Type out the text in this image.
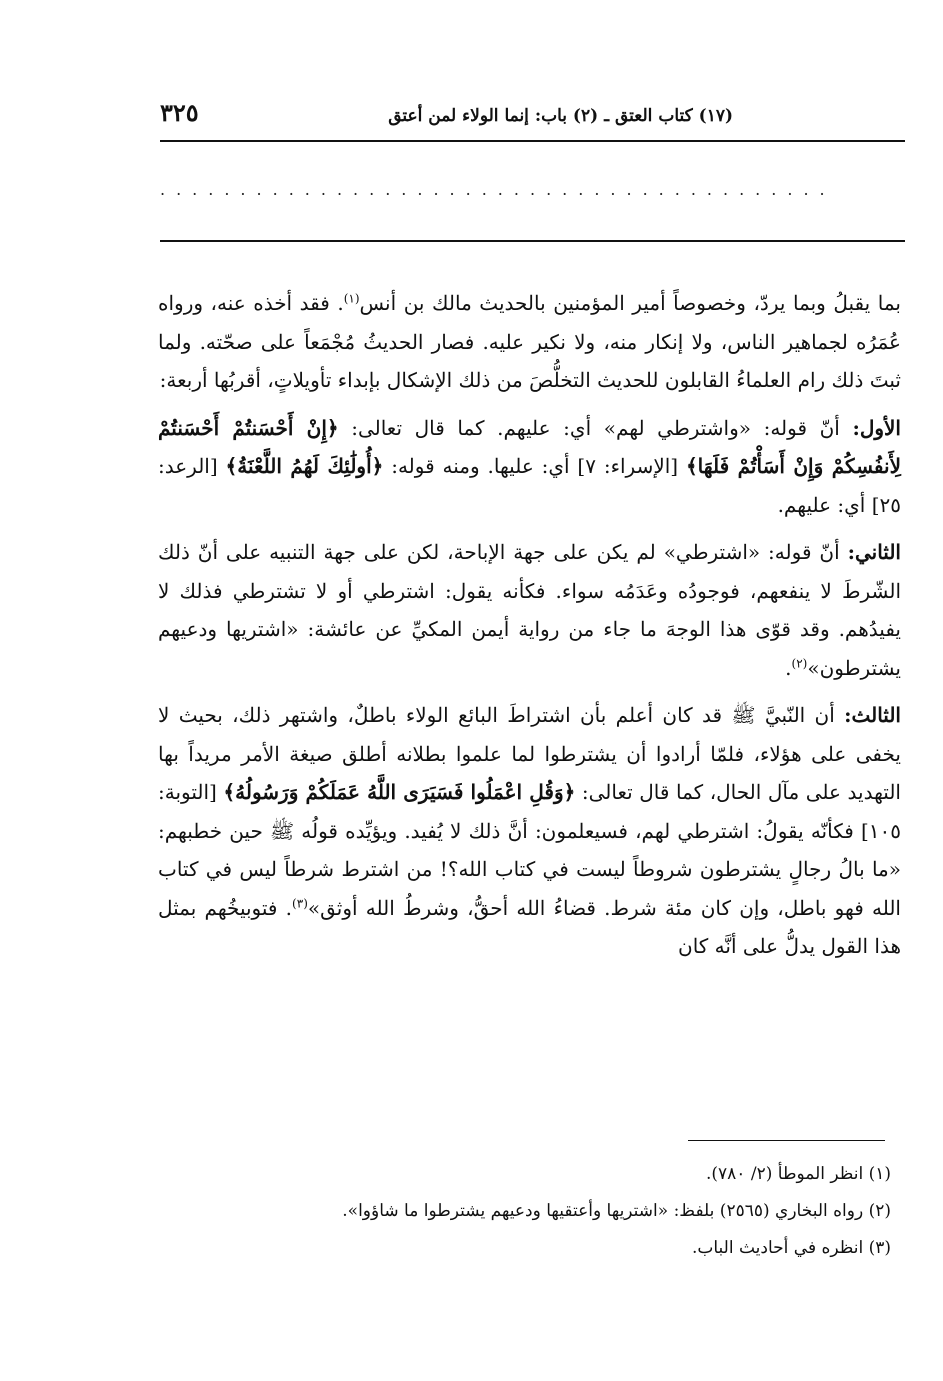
(١٧) كتاب العتق ـ (٢) باب: إنما الولاء لمن أعتق
٣٢٥
..........................................

بما يقبلُ وبما يردّ، وخصوصاً أمير المؤمنين بالحديث مالك بن أنس$^{(١)}$. فقد أخذه عنه، ورواه عُمَرُه لجماهير الناس، ولا إنكار منه، ولا نكير عليه. فصار الحديثُ مُجْمَعاً على صحّته. ولما ثبتَ ذلك رام العلماءُ القابلون للحديث التخلُّصَ من ذلك الإشكال بإبداء تأويلاتٍ، أقربُها أربعة:

الأول: أنّ قوله: «واشترطي لهم» أي: عليهم. كما قال تعالى: ﴿إِنْ أَحْسَنتُمْ أَحْسَنتُمْ لِأَنفُسِكُمْ وَإِنْ أَسَأْتُمْ فَلَهَا﴾ [الإسراء: ٧] أي: عليها. ومنه قوله: ﴿أُولَٰئِكَ لَهُمُ اللَّعْنَةُ﴾ [الرعد: ٢٥] أي: عليهم.

الثاني: أنّ قوله: «اشترطي» لم يكن على جهة الإباحة، لكن على جهة التنبيه على أنّ ذلك الشّرطَ لا ينفعهم، فوجودُه وعَدَمُه سواء. فكأنه يقول: اشترطي أو لا تشترطي فذلك لا يفيدُهم. وقد قوّى هذا الوجهَ ما جاء من رواية أيمن المكيِّ عن عائشة: «اشتريها ودعيهم يشترطون»$^{(٢)}$.

الثالث: أن النّبيَّ ﷺ قد كان أعلم بأن اشتراطَ البائع الولاء باطلٌ، واشتهر ذلك، بحيث لا يخفى على هؤلاء، فلمّا أرادوا أن يشترطوا لما علموا بطلانه أطلق صيغة الأمر مريداً بها التهديد على مآل الحال، كما قال تعالى: ﴿وَقُلِ اعْمَلُوا فَسَيَرَى اللَّهُ عَمَلَكُمْ وَرَسُولُهُ﴾ [التوبة: ١٠٥] فكأنّه يقولُ: اشترطي لهم، فسيعلمون: أنَّ ذلك لا يُفيد. ويؤيِّده قولُه ﷺ حين خطبهم: «ما بالُ رجالٍ يشترطون شروطاً ليست في كتاب الله؟! من اشترط شرطاً ليس في كتاب الله فهو باطل، وإن كان مئة شرط. قضاءُ الله أحقُّ، وشرطُ الله أوثق»$^{(٣)}$. فتوبيخُهم بمثل هذا القول يدلُّ على أنَّه كان

(١) انظر الموطأ (٢/ ٧٨٠).
(٢) رواه البخاري (٢٥٦٥) بلفظ: «اشتريها وأعتقيها ودعيهم يشترطوا ما شاؤوا».
(٣) انظره في أحاديث الباب.
